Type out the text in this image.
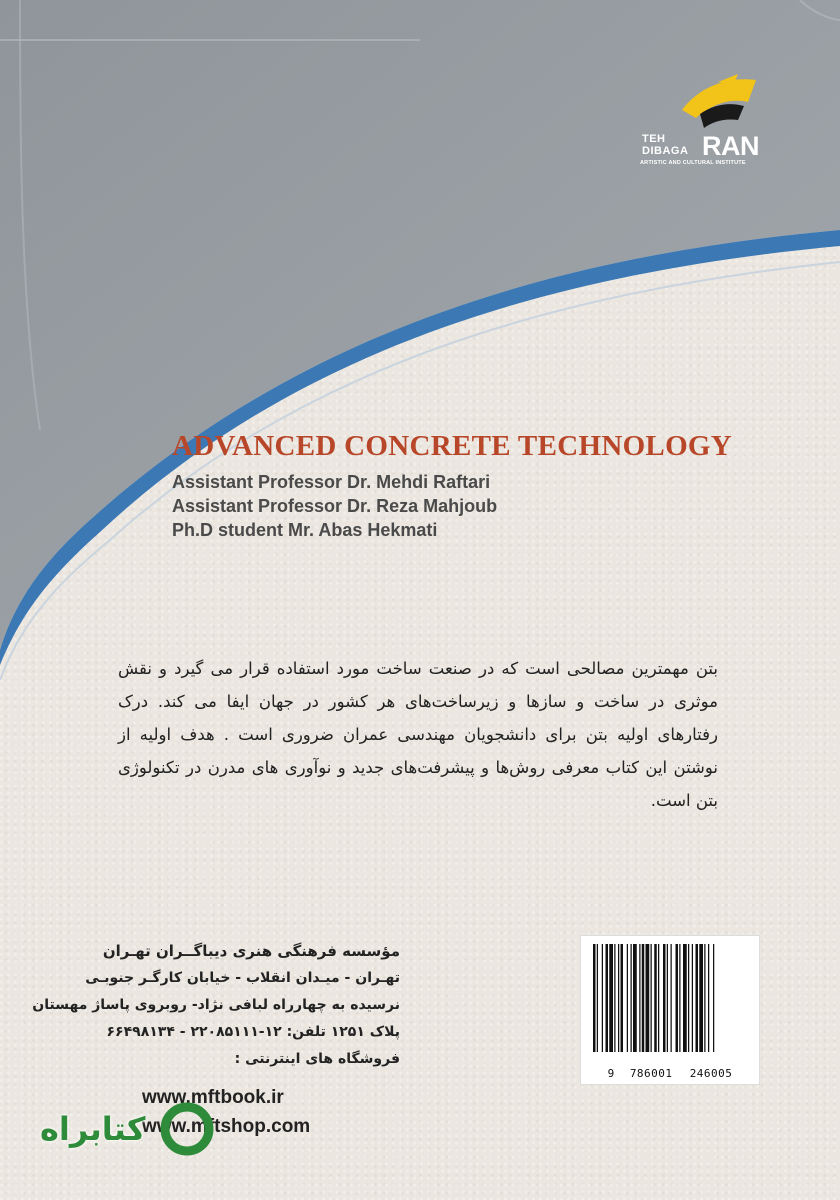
TEH
DIBAGA RAN
ARTISTIC AND CULTURAL INSTITUTE
ADVANCED CONCRETE TECHNOLOGY
Assistant Professor Dr. Mehdi Raftari
Assistant Professor Dr. Reza Mahjoub
Ph.D student Mr. Abas Hekmati

بتن مهمترین مصالحی است که در صنعت ساخت مورد استفاده قرار می گیرد و نقش موثری در ساخت و سازها و زیرساخت‌های هر کشور در جهان ایفا می کند. درک رفتارهای اولیه بتن برای دانشجویان مهندسی عمران ضروری است . هدف اولیه از نوشتن این کتاب معرفی روش‌ها و پیشرفت‌های جدید و نوآوری های مدرن در تکنولوژی بتن است.

مؤسسه فرهنگی هنری دیباگــران تهـران
تهـران - میـدان انقلاب - خیابان کارگـر جنوبـی
نرسیده به چهارراه لبافی نژاد- روبروی پاساژ مهستان
پلاک ۱۲۵۱ تلفن: ۱۲-۲۲۰۸۵۱۱۱ - ۶۶۴۹۸۱۳۴
فروشگاه های اینترنتی :
www.mftbook.ir
www.mftshop.com
9 786001 246005
کتابراه
